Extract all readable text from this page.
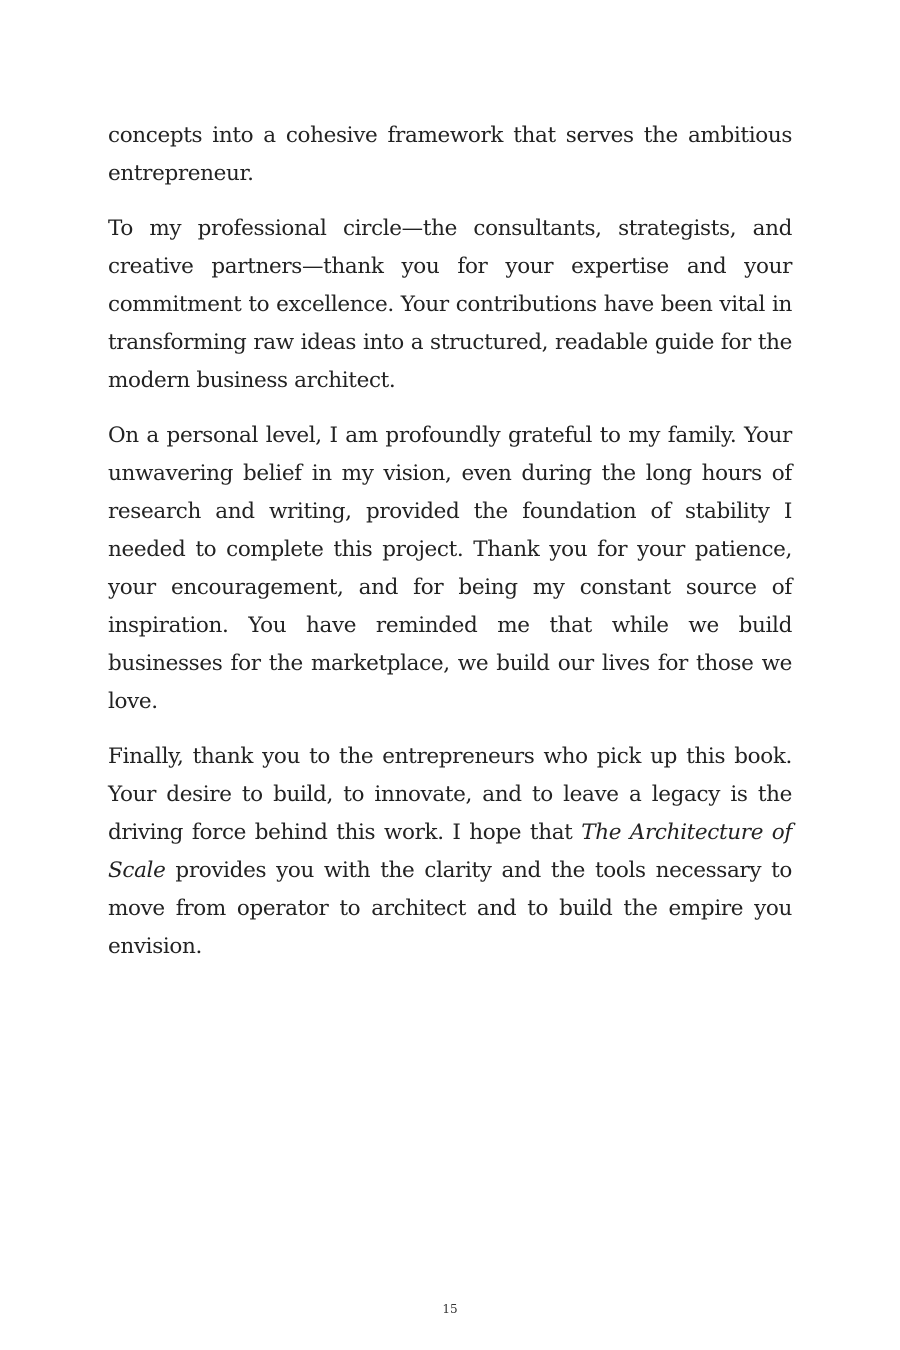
concepts into a cohesive framework that serves the ambitious entrepreneur.

To my professional circle—the consultants, strategists, and creative partners—thank you for your expertise and your commitment to excellence. Your contributions have been vital in transforming raw ideas into a structured, readable guide for the modern business architect.

On a personal level, I am profoundly grateful to my family. Your unwavering belief in my vision, even during the long hours of research and writing, provided the foundation of stability I needed to complete this project. Thank you for your patience, your encouragement, and for being my constant source of inspiration. You have reminded me that while we build businesses for the marketplace, we build our lives for those we love.

Finally, thank you to the entrepreneurs who pick up this book. Your desire to build, to innovate, and to leave a legacy is the driving force behind this work. I hope that The Architecture of Scale provides you with the clarity and the tools necessary to move from operator to architect and to build the empire you envision.

15
